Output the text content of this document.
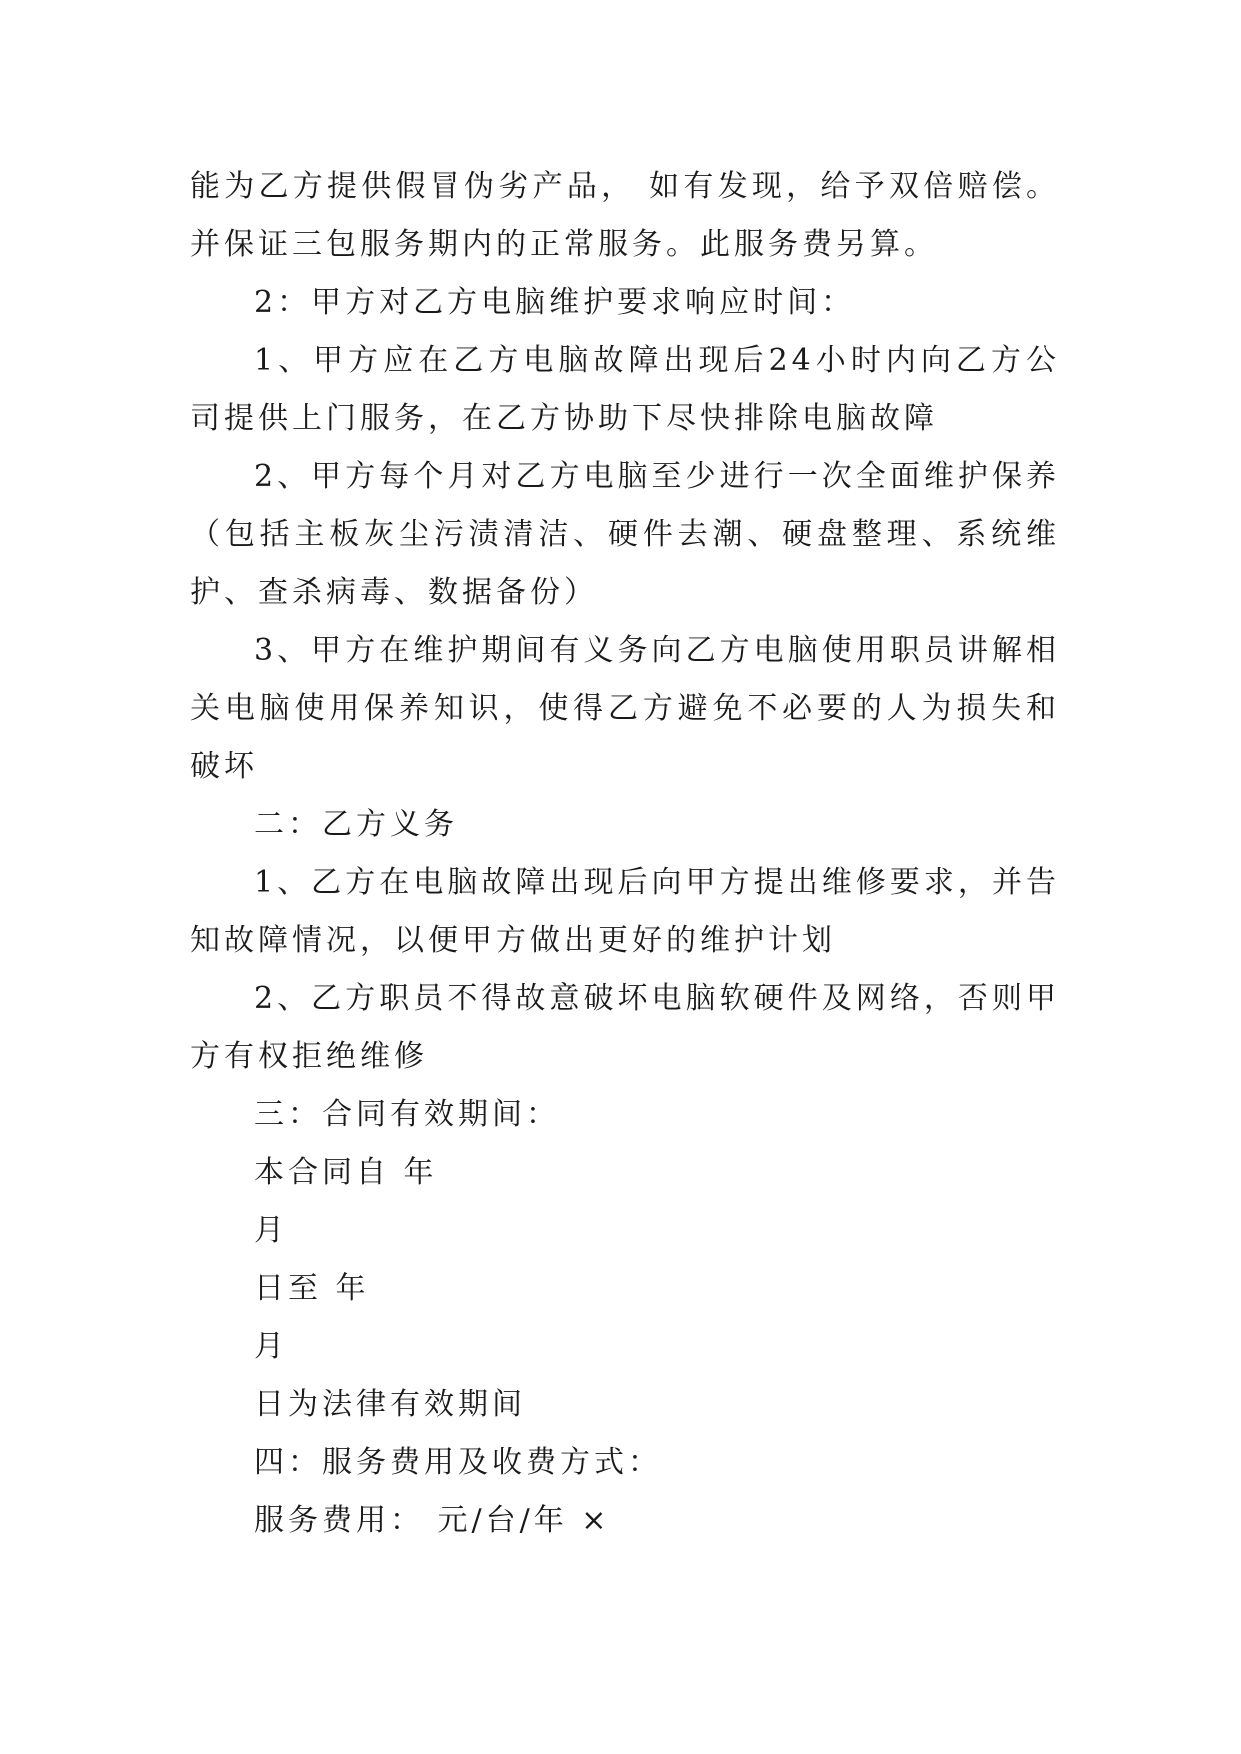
能为乙方提供假冒伪劣产品， 如有发现，给予双倍赔偿。并保证三包服务期内的正常服务。此服务费另算。

2：甲方对乙方电脑维护要求响应时间：

1、甲方应在乙方电脑故障出现后24小时内向乙方公司提供上门服务，在乙方协助下尽快排除电脑故障

2、甲方每个月对乙方电脑至少进行一次全面维护保养（包括主板灰尘污渍清洁、硬件去潮、硬盘整理、系统维护、查杀病毒、数据备份）

3、甲方在维护期间有义务向乙方电脑使用职员讲解相关电脑使用保养知识，使得乙方避免不必要的人为损失和破坏

二：乙方义务

1、乙方在电脑故障出现后向甲方提出维修要求，并告知故障情况，以便甲方做出更好的维护计划

2、乙方职员不得故意破坏电脑软硬件及网络，否则甲方有权拒绝维修

三：合同有效期间：

本合同自 年

月

日至 年

月

日为法律有效期间

四：服务费用及收费方式：

服务费用： 元/台/年 ×
